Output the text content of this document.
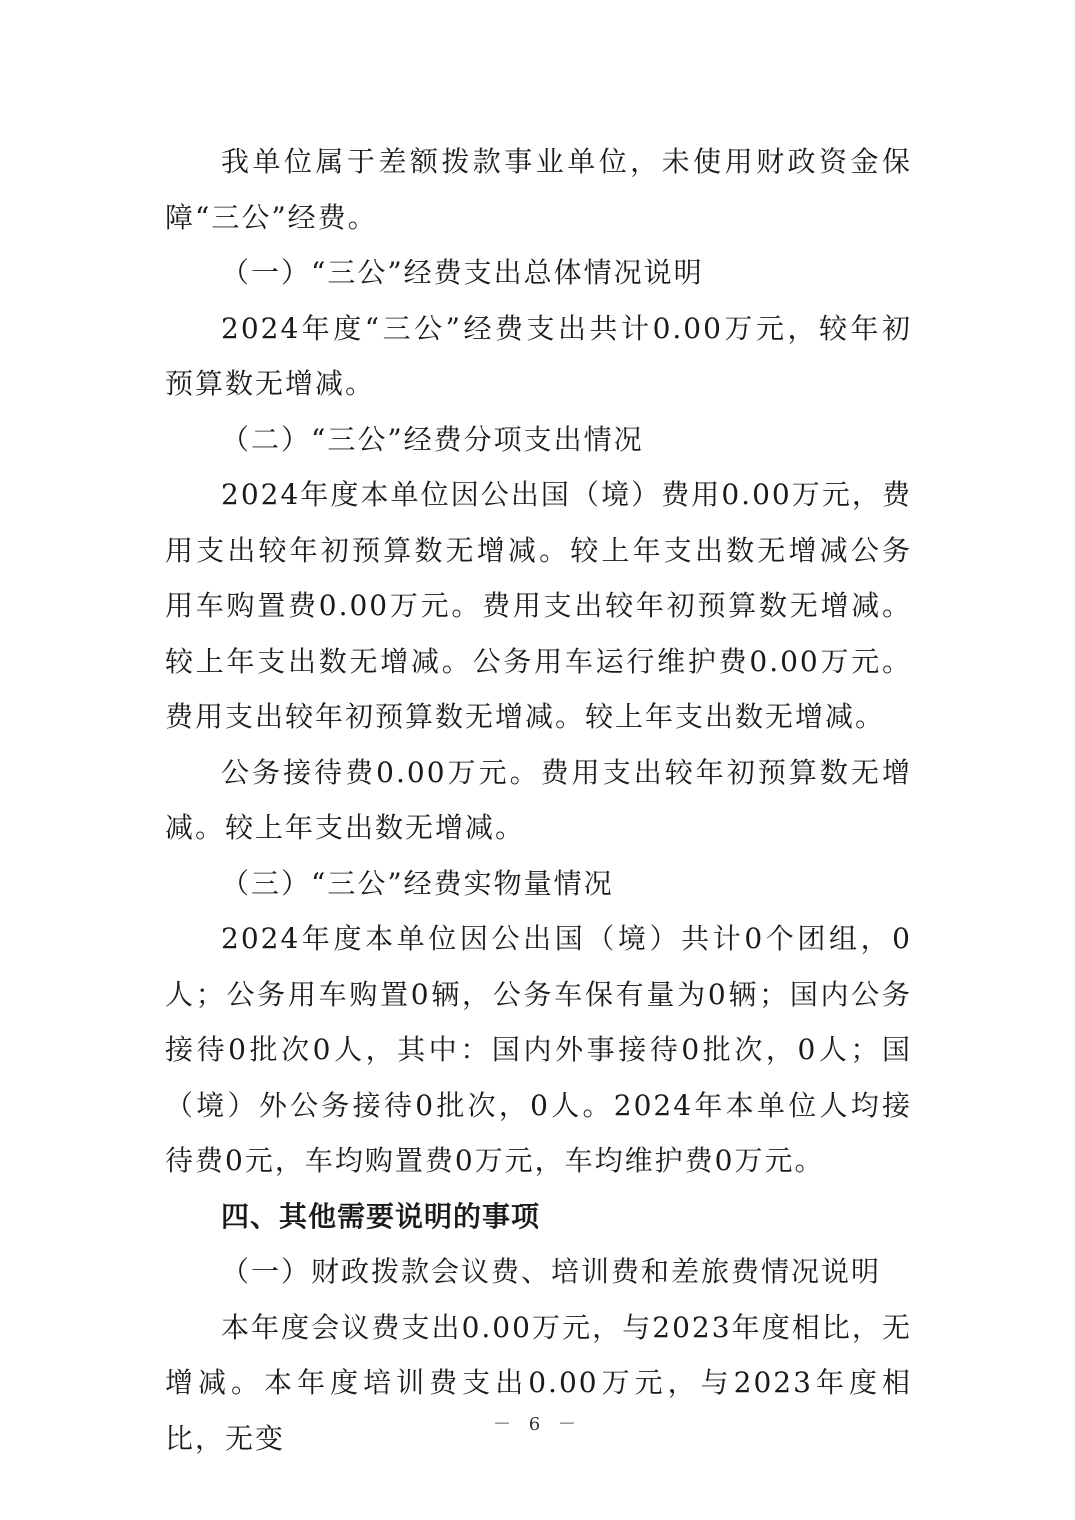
我单位属于差额拨款事业单位，未使用财政资金保障“三公”经费。

（一）“三公”经费支出总体情况说明

2024年度“三公”经费支出共计0.00万元，较年初预算数无增减。

（二）“三公”经费分项支出情况

2024年度本单位因公出国（境）费用0.00万元，费用支出较年初预算数无增减。较上年支出数无增减公务用车购置费0.00万元。费用支出较年初预算数无增减。较上年支出数无增减。公务用车运行维护费0.00万元。费用支出较年初预算数无增减。较上年支出数无增减。

公务接待费0.00万元。费用支出较年初预算数无增减。较上年支出数无增减。

（三）“三公”经费实物量情况

2024年度本单位因公出国（境）共计0个团组，0人；公务用车购置0辆，公务车保有量为0辆；国内公务接待0批次0人，其中：国内外事接待0批次，0人；国（境）外公务接待0批次，0人。2024年本单位人均接待费0元，车均购置费0万元，车均维护费0万元。

四、其他需要说明的事项

（一）财政拨款会议费、培训费和差旅费情况说明

本年度会议费支出0.00万元，与2023年度相比，无增减。本年度培训费支出0.00万元，与2023年度相比，无变	－ 6 －
